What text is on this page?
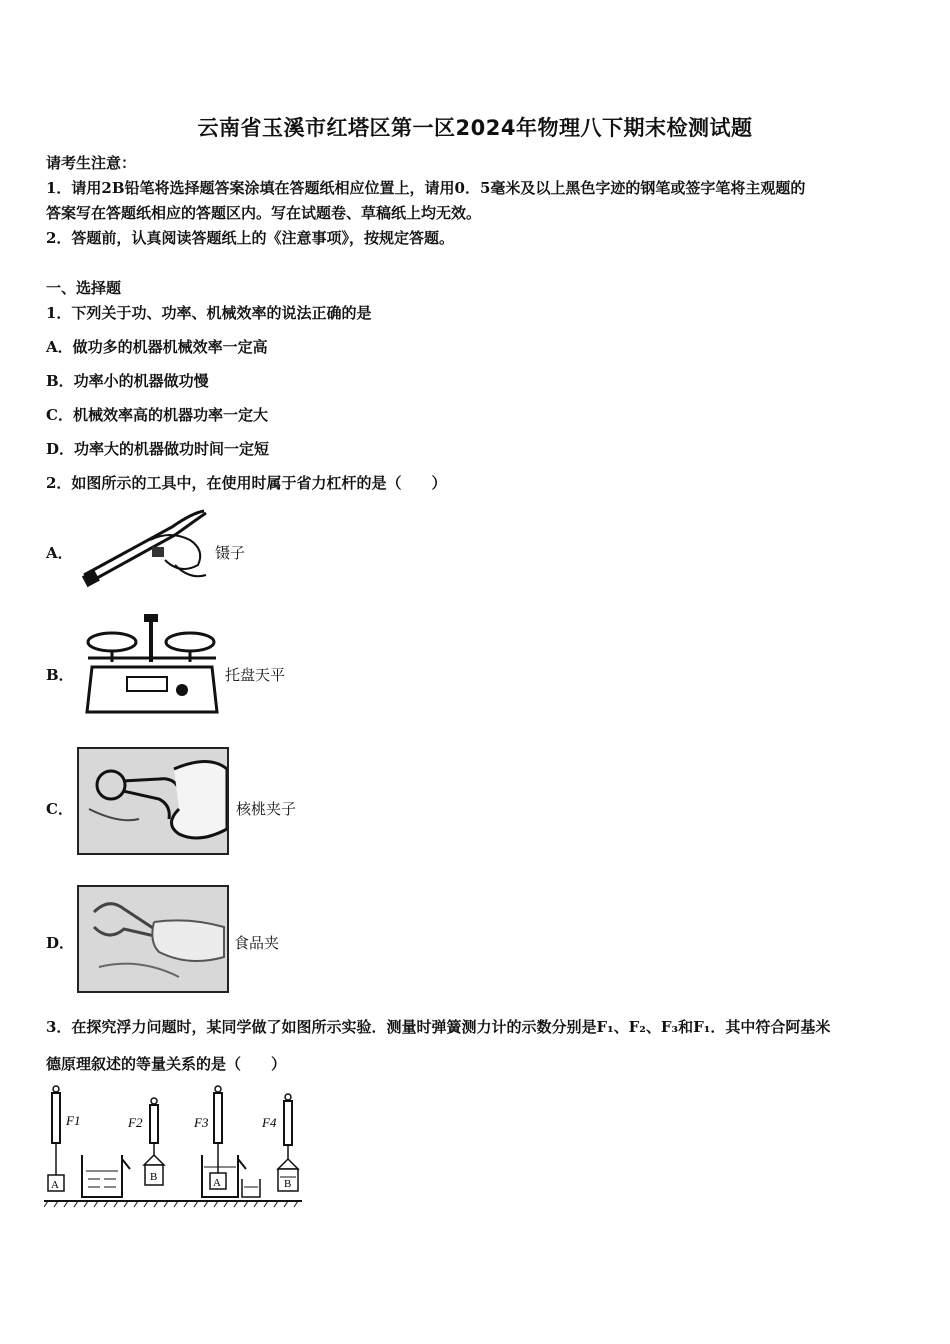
云南省玉溪市红塔区第一区2024年物理八下期末检测试题
请考生注意：
1．请用2B铅笔将选择题答案涂填在答题纸相应位置上，请用0．5毫米及以上黑色字迹的钢笔或签字笔将主观题的
答案写在答题纸相应的答题区内。写在试题卷、草稿纸上均无效。
2．答题前，认真阅读答题纸上的《注意事项》，按规定答题。
一、选择题
1．下列关于功、功率、机械效率的说法正确的是
A．做功多的机器机械效率一定高
B．功率小的机器做功慢
C．机械效率高的机器功率一定大
D．功率大的机器做功时间一定短
2．如图所示的工具中，在使用时属于省力杠杆的是（　　）
A．	镊子
B．	托盘天平
C．	核桃夹子
D．	食品夹
3．在探究浮力问题时，某同学做了如图所示实验．测量时弹簧测力计的示数分别是F₁、F₂、F₃和F₁．其中符合阿基米
德原理叙述的等量关系的是（　　）
A
F1
B
F2
A
F3
B
F4
